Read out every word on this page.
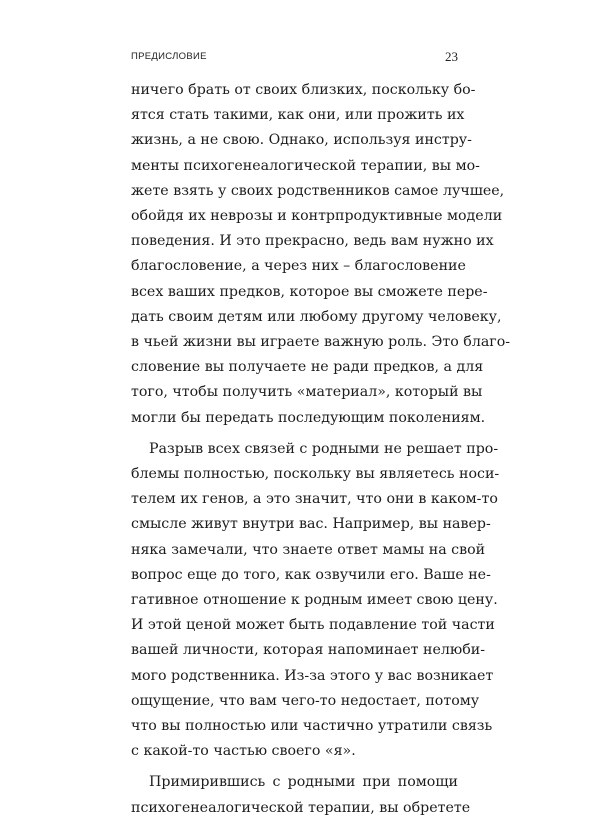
ПРЕДИСЛОВИЕ	23

ничего брать от своих близких, поскольку бо-
ятся стать такими, как они, или прожить их
жизнь, а не свою. Однако, используя инстру-
менты психогенеалогической терапии, вы мо-
жете взять у своих родственников самое лучшее,
обойдя их неврозы и контрпродуктивные модели
поведения. И это прекрасно, ведь вам нужно их
благословение, а через них – благословение
всех ваших предков, которое вы сможете пере-
дать своим детям или любому другому человеку,
в чьей жизни вы играете важную роль. Это благо-
словение вы получаете не ради предков, а для
того, чтобы получить «материал», который вы
могли бы передать последующим поколениям.

Разрыв всех связей с родными не решает про-
блемы полностью, поскольку вы являетесь носи-
телем их генов, а это значит, что они в каком-то
смысле живут внутри вас. Например, вы навер-
няка замечали, что знаете ответ мамы на свой
вопрос еще до того, как озвучили его. Ваше не-
гативное отношение к родным имеет свою цену.
И этой ценой может быть подавление той части
вашей личности, которая напоминает нелюби-
мого родственника. Из-за этого у вас возникает
ощущение, что вам чего-то недостает, потому
что вы полностью или частично утратили связь
с какой-то частью своего «я».

Примирившись с родными при помощи
психогенеалогической терапии, вы обретете
